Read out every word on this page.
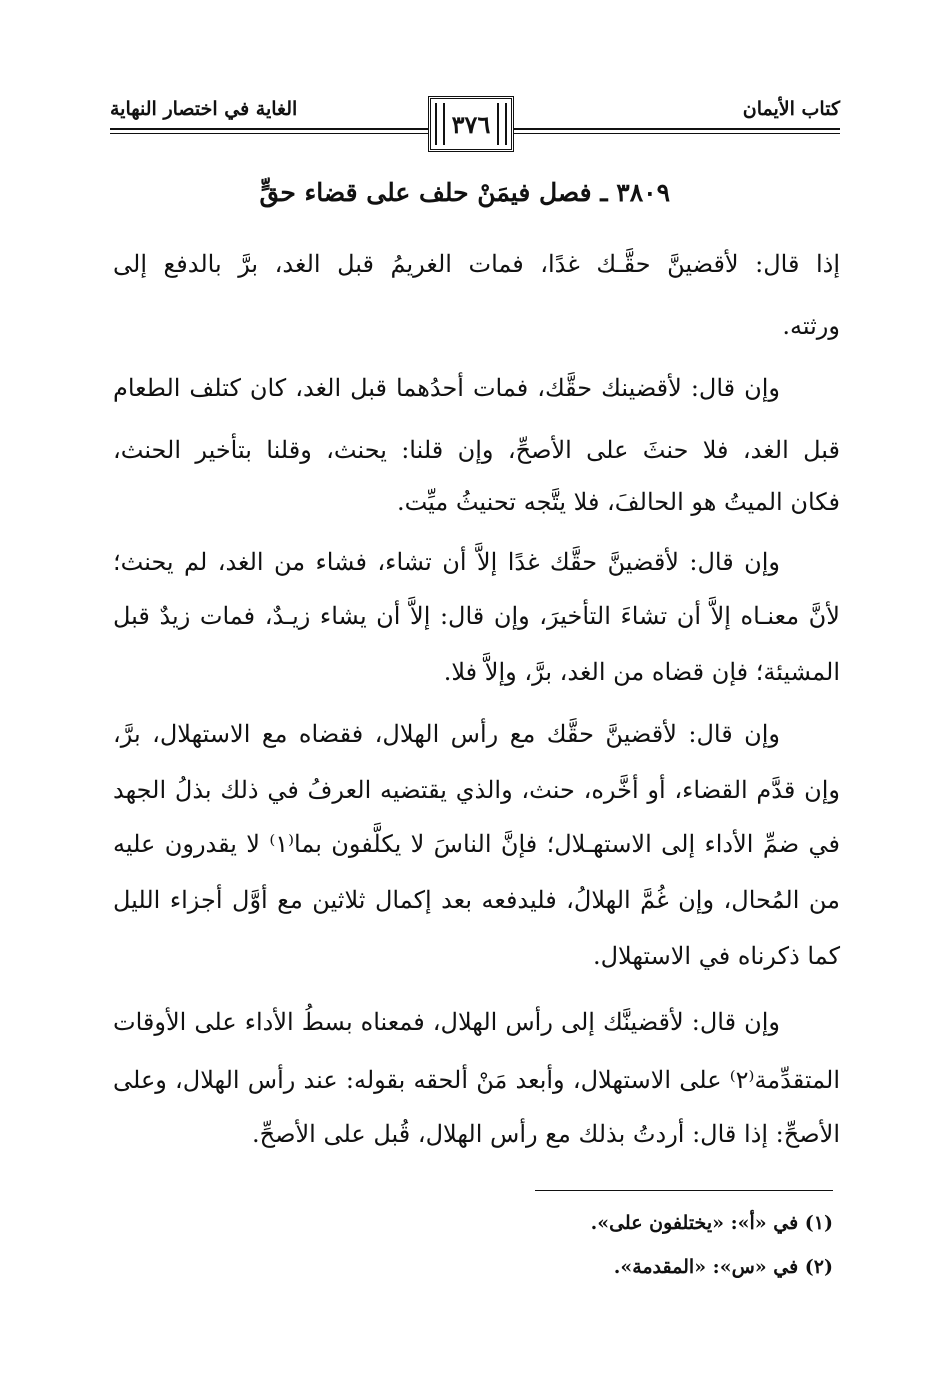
كتاب الأيمان
الغاية في اختصار النهاية
٣٧٦
٣٨٠٩ ـ فصل فيمَنْ حلف على قضاء حقٍّ
إذا قال: لأقضينَّ حقَّـك غدًا، فمات الغريمُ قبل الغد، برَّ بالدفع إلى
ورثته.
وإن قال: لأقضينك حقَّك، فمات أحدُهما قبل الغد، كان كتلف الطعام
قبل الغد، فلا حنثَ على الأصحِّ، وإن قلنا: يحنث، وقلنا بتأخير الحنث،
فكان الميتُ هو الحالفَ، فلا يتَّجه تحنيثُ ميِّت.
وإن قال: لأقضينَّ حقَّك غدًا إلاَّ أن تشاء، فشاء من الغد، لم يحنث؛
لأنَّ معنـاه إلاَّ أن تشاءَ التأخيرَ، وإن قال: إلاَّ أن يشاء زيـدٌ، فمات زيدٌ قبل
المشيئة؛ فإن قضاه من الغد، برَّ، وإلاَّ فلا.
وإن قال: لأقضينَّ حقَّك مع رأس الهلال، فقضاه مع الاستهلال، برَّ،
وإن قدَّم القضاء، أو أخَّره، حنث، والذي يقتضيه العرفُ في ذلك بذلُ الجهد
في ضمِّ الأداء إلى الاستهـلال؛ فإنَّ الناسَ لا يكلَّفون بما⁽١⁾ لا يقدرون عليه
من المُحال، وإن غُمَّ الهلالُ، فليدفعه بعد إكمال ثلاثين مع أوَّل أجزاء الليل
كما ذكرناه في الاستهلال.
وإن قال: لأقضينَّك إلى رأس الهلال، فمعناه بسطُ الأداء على الأوقات
المتقدِّمة⁽٢⁾ على الاستهلال، وأبعد مَنْ ألحقه بقوله: عند رأس الهلال، وعلى
الأصحِّ: إذا قال: أردتُ بذلك مع رأس الهلال، قُبل على الأصحِّ.
(١) في «أ»: «يختلفون على».
(٢) في «س»: «المقدمة».
